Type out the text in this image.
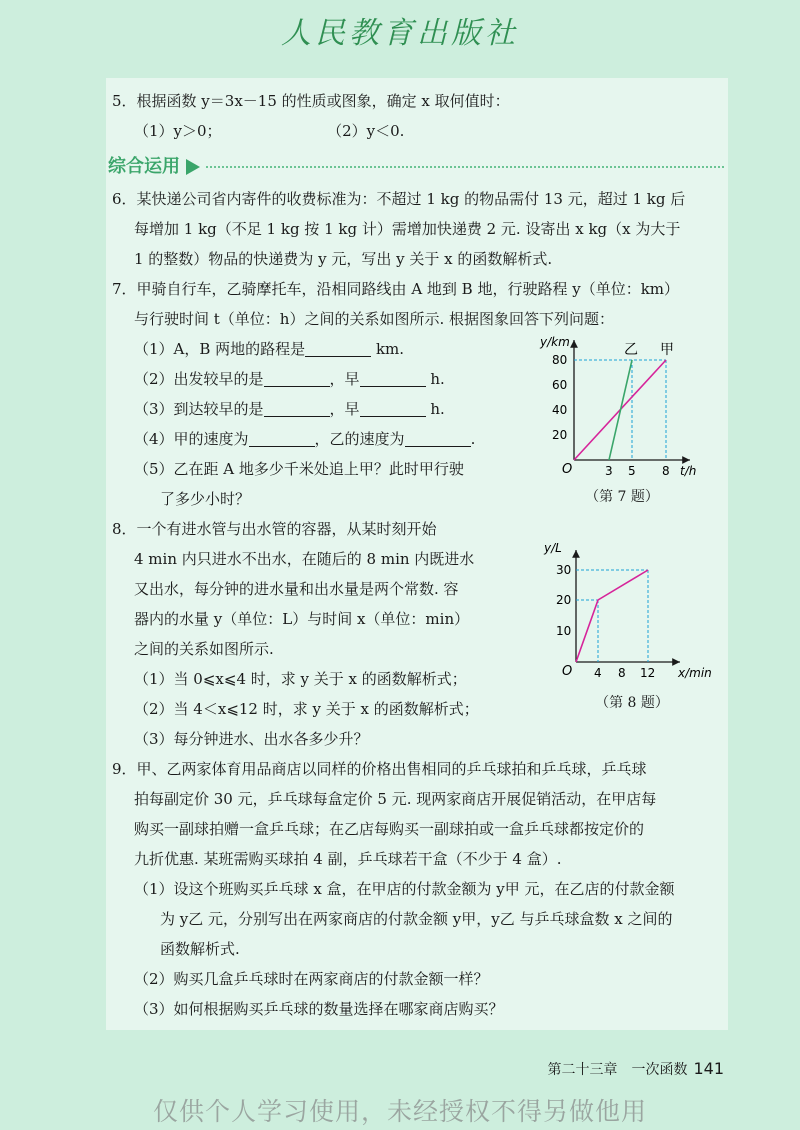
人民教育出版社

5．根据函数 y＝3x－15 的性质或图象，确定 x 取何值时：

（1）y＞0；	（2）y＜0.

综合运用

6．某快递公司省内寄件的收费标准为：不超过 1 kg 的物品需付 13 元，超过 1 kg 后

每增加 1 kg（不足 1 kg 按 1 kg 计）需增加快递费 2 元. 设寄出 x kg（x 为大于

1 的整数）物品的快递费为 y 元，写出 y 关于 x 的函数解析式.

7．甲骑自行车，乙骑摩托车，沿相同路线由 A 地到 B 地，行驶路程 y（单位：km）

与行驶时间 t（单位：h）之间的关系如图所示. 根据图象回答下列问题：

（1）A，B 两地的路程是	km.

（2）出发较早的是	，早	h.

（3）到达较早的是	，早	h.

（4）甲的速度为	，乙的速度为	.

（5）乙在距 A 地多少千米处追上甲？此时甲行驶

了多少小时？

8．一个有进水管与出水管的容器，从某时刻开始

4 min 内只进水不出水，在随后的 8 min 内既进水

又出水，每分钟的进水量和出水量是两个常数. 容

器内的水量 y（单位：L）与时间 x（单位：min）

之间的关系如图所示.

（1）当 0⩽x⩽4 时，求 y 关于 x 的函数解析式；

（2）当 4＜x⩽12 时，求 y 关于 x 的函数解析式；

（3）每分钟进水、出水各多少升？

9．甲、乙两家体育用品商店以同样的价格出售相同的乒乓球拍和乒乓球，乒乓球

拍每副定价 30 元，乒乓球每盒定价 5 元. 现两家商店开展促销活动，在甲店每

购买一副球拍赠一盒乒乓球；在乙店每购买一副球拍或一盒乒乓球都按定价的

九折优惠. 某班需购买球拍 4 副，乒乓球若干盒（不少于 4 盒）.

（1）设这个班购买乒乓球 x 盒，在甲店的付款金额为 y甲 元，在乙店的付款金额

为 y乙 元，分别写出在两家商店的付款金额 y甲，y乙 与乒乓球盒数 x 之间的

函数解析式.

（2）购买几盒乒乓球时在两家商店的付款金额一样？

（3）如何根据购买乒乓球的数量选择在哪家商店购买？

y/km
t/h
O
80
60
40
20
3 5 8
乙 甲
（第 7 题）
y/L
x/min
O
30
20
10
4 8 12
（第 8 题）
第二十三章　一次函数 141
仅供个人学习使用，未经授权不得另做他用
